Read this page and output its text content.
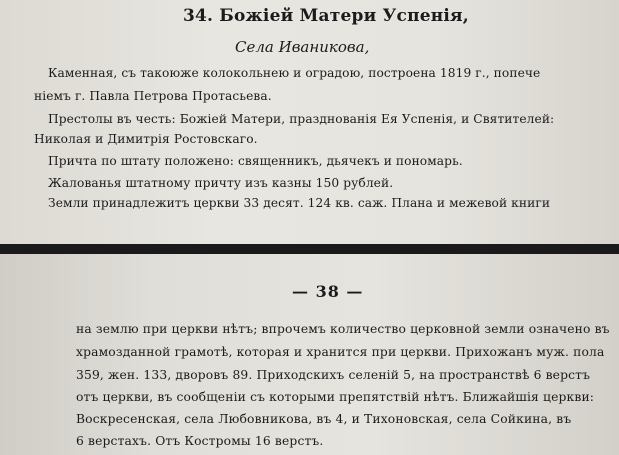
34. Божіей Матери Успенія,
Села Иваникова,
Каменная, съ такоюже колокольнею и оградою, построена 1819 г., попече
ніемъ г. Павла Петрова Протасьева.
Престолы въ честь: Божіей Матери, празднованія Ея Успенія, и Святителей:
Николая и Димитрія Ростовскаго.
Причта по штату положено: священникъ, дьячекъ и пономарь.
Жалованья штатному причту изъ казны 150 рублей.
Земли принадлежитъ церкви 33 десят. 124 кв. саж. Плана и межевой книги
— 38 —
на землю при церкви нѣтъ; впрочемъ количество церковной земли означено въ
храмозданной грамотѣ, которая и хранится при церкви. Прихожанъ муж. пола
359, жен. 133, дворовъ 89. Приходскихъ селеній 5, на пространствѣ 6 верстъ
отъ церкви, въ сообщеніи съ которыми препятствій нѣтъ. Ближайшія церкви:
Воскресенская, села Любовникова, въ 4, и Тихоновская, села Сойкина, въ
6 верстахъ. Отъ Костромы 16 верстъ.
